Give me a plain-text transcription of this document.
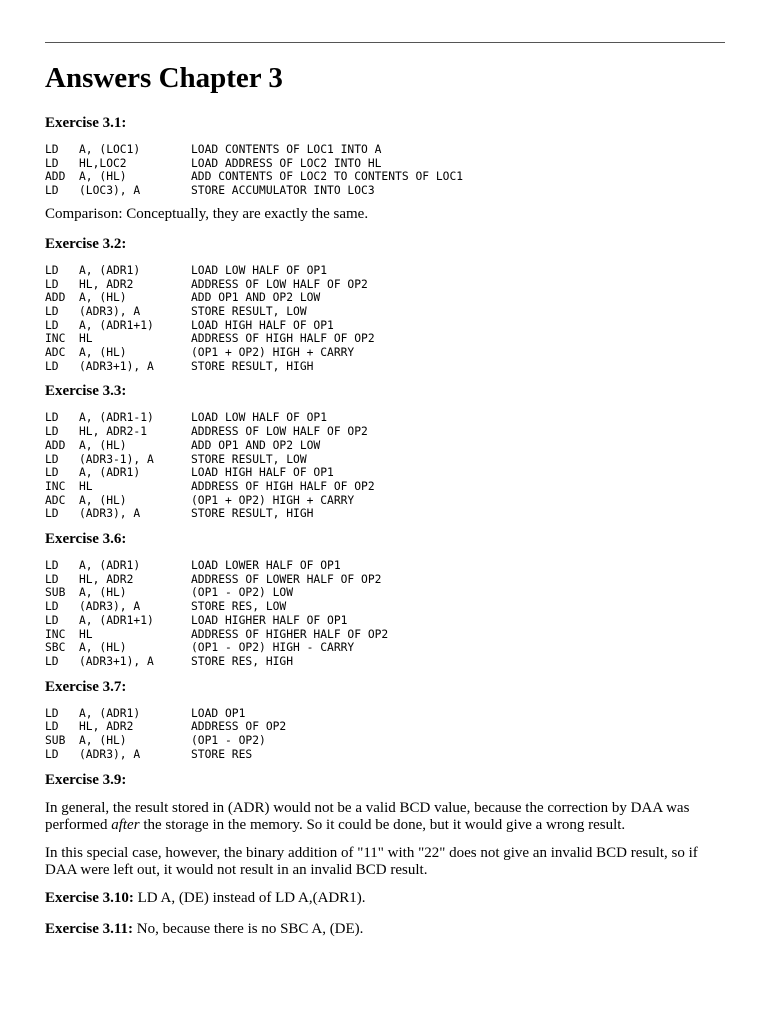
Answers Chapter 3
Exercise 3.1:
LD	A, (LOC1)	LOAD CONTENTS OF LOC1 INTO A
LD	HL,LOC2	LOAD ADDRESS OF LOC2 INTO HL
ADD	A, (HL)	ADD CONTENTS OF LOC2 TO CONTENTS OF LOC1
LD	(LOC3), A	STORE ACCUMULATOR INTO LOC3
Comparison: Conceptually, they are exactly the same.
Exercise 3.2:
LD	A, (ADR1)	LOAD LOW HALF OF OP1
LD	HL, ADR2	ADDRESS OF LOW HALF OF OP2
ADD	A, (HL)	ADD OP1 AND OP2 LOW
LD	(ADR3), A	STORE RESULT, LOW
LD	A, (ADR1+1)	LOAD HIGH HALF OF OP1
INC	HL	ADDRESS OF HIGH HALF OF OP2
ADC	A, (HL)	(OP1 + OP2) HIGH + CARRY
LD	(ADR3+1), A	STORE RESULT, HIGH
Exercise 3.3:
LD	A, (ADR1-1)	LOAD LOW HALF OF OP1
LD	HL, ADR2-1	ADDRESS OF LOW HALF OF OP2
ADD	A, (HL)	ADD OP1 AND OP2 LOW
LD	(ADR3-1), A	STORE RESULT, LOW
LD	A, (ADR1)	LOAD HIGH HALF OF OP1
INC	HL	ADDRESS OF HIGH HALF OF OP2
ADC	A, (HL)	(OP1 + OP2) HIGH + CARRY
LD	(ADR3), A	STORE RESULT, HIGH
Exercise 3.6:
LD	A, (ADR1)	LOAD LOWER HALF OF OP1
LD	HL, ADR2	ADDRESS OF LOWER HALF OF OP2
SUB	A, (HL)	(OP1 - OP2) LOW
LD	(ADR3), A	STORE RES, LOW
LD	A, (ADR1+1)	LOAD HIGHER HALF OF OP1
INC	HL	ADDRESS OF HIGHER HALF OF OP2
SBC	A, (HL)	(OP1 - OP2) HIGH - CARRY
LD	(ADR3+1), A	STORE RES, HIGH
Exercise 3.7:
LD	A, (ADR1)	LOAD OP1
LD	HL, ADR2	ADDRESS OF OP2
SUB	A, (HL)	(OP1 - OP2)
LD	(ADR3), A	STORE RES
Exercise 3.9:
In general, the result stored in (ADR) would not be a valid BCD value, because the correction by DAA was performed after the storage in the memory. So it could be done, but it would give a wrong result.
In this special case, however, the binary addition of "11" with "22" does not give an invalid BCD result, so if DAA were left out, it would not result in an invalid BCD result.
Exercise 3.10: LD A, (DE) instead of LD A,(ADR1).
Exercise 3.11: No, because there is no SBC A, (DE).
